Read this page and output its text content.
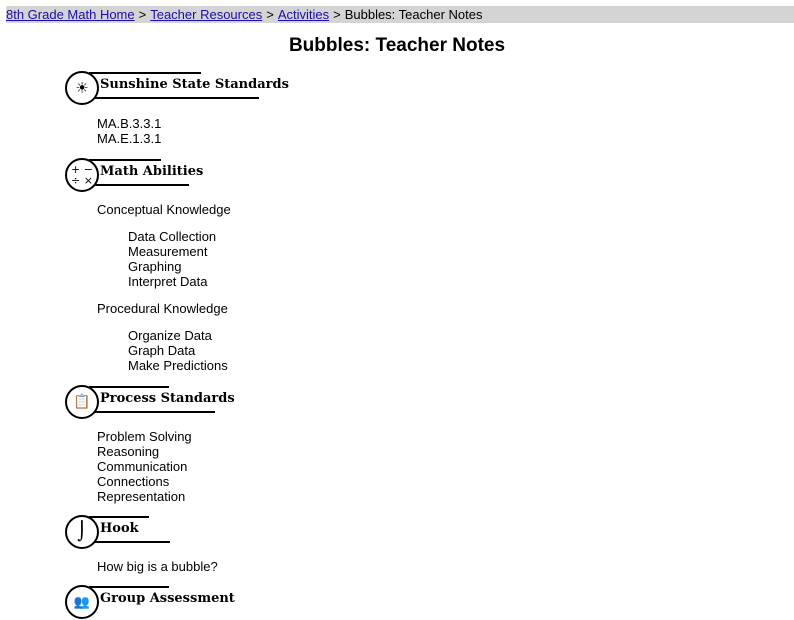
8th Grade Math Home > Teacher Resources > Activities > Bubbles: Teacher Notes
Bubbles: Teacher Notes
☀ Sunshine State Standards
MA.B.3.3.1
MA.E.1.3.1
+ −
÷ ×
Math Abilities

Conceptual Knowledge

Data Collection
Measurement
Graphing
Interpret Data

Procedural Knowledge

Organize Data
Graph Data
Make Predictions
📋 Process Standards
Problem Solving
Reasoning
Communication
Connections
Representation
⌡	Hook

How big is a bubble?

👥 Group Assessment
